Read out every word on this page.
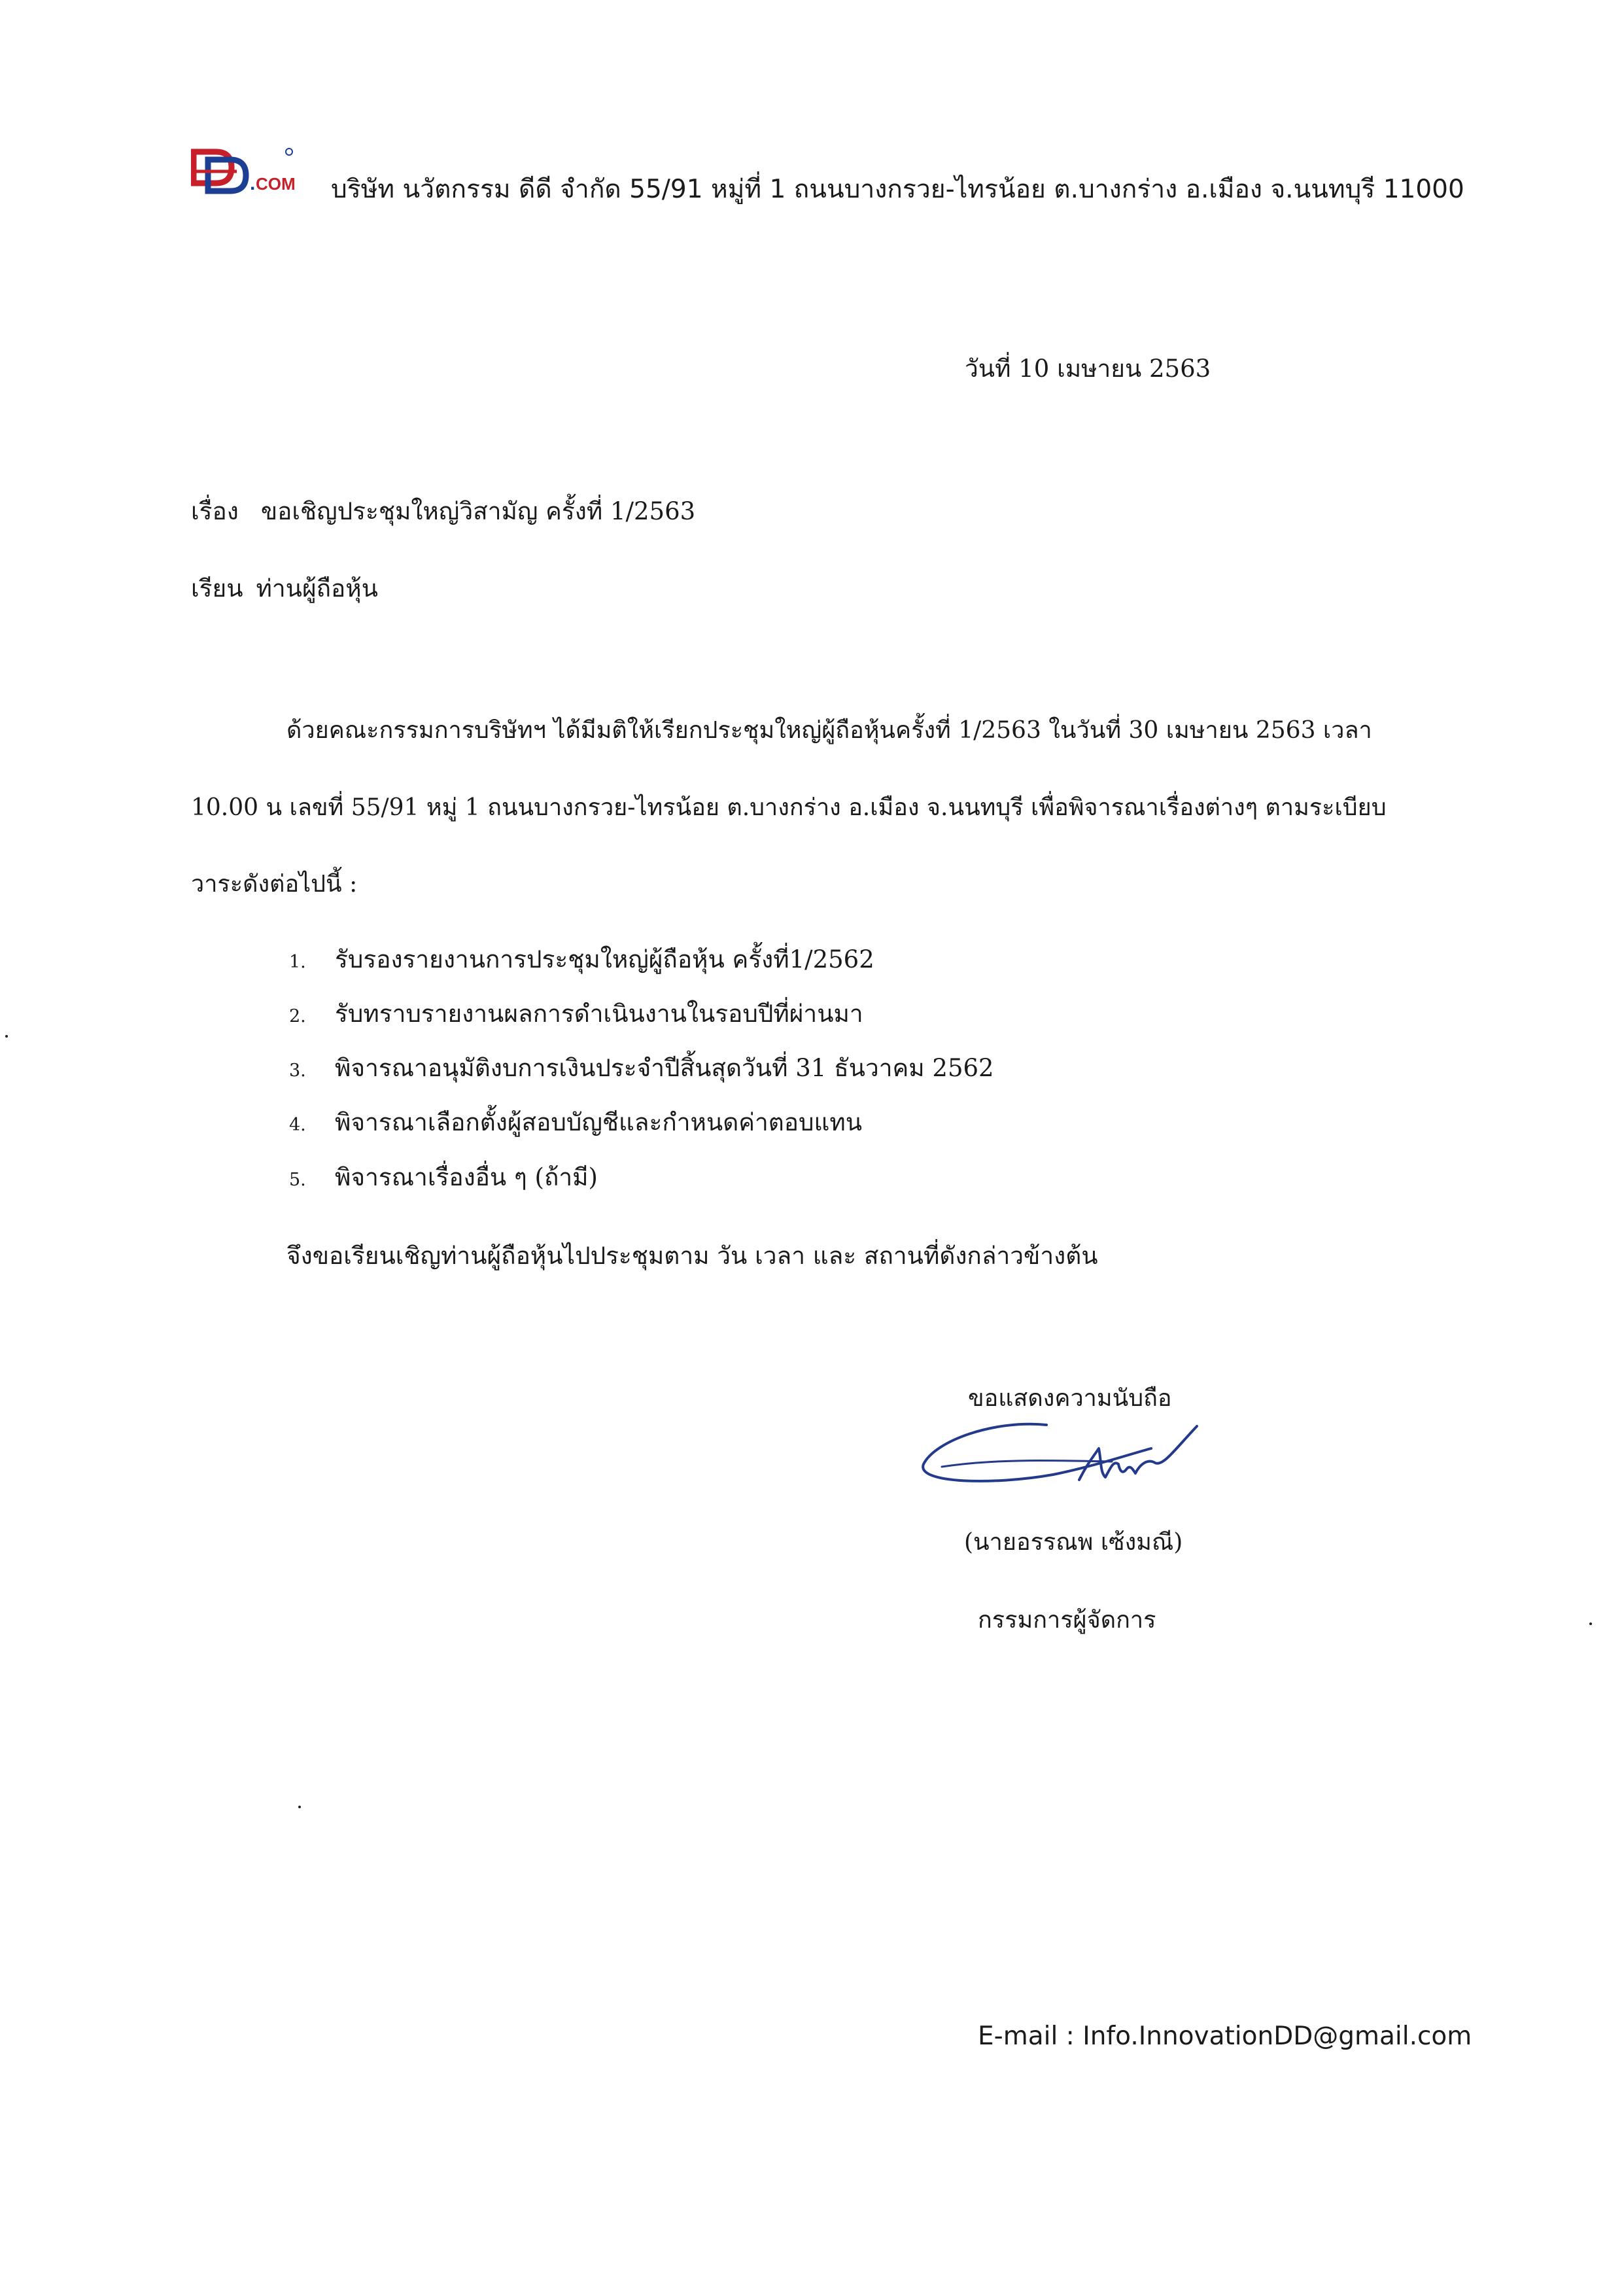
. COM บริษัท นวัตกรรม ดีดี จำกัด 55/91 หมู่ที่ 1 ถนนบางกรวย-ไทรน้อย ต.บางกร่าง อ.เมือง จ.นนทบุรี 11000
วันที่ 10 เมษายน 2563
เรื่อง ขอเชิญประชุมใหญ่วิสามัญ ครั้งที่ 1/2563
เรียน ท่านผู้ถือหุ้น
ด้วยคณะกรรมการบริษัทฯ ได้มีมติให้เรียกประชุมใหญ่ผู้ถือหุ้นครั้งที่ 1/2563 ในวันที่ 30 เมษายน 2563 เวลา
10.00 น เลขที่ 55/91 หมู่ 1 ถนนบางกรวย-ไทรน้อย ต.บางกร่าง อ.เมือง จ.นนทบุรี เพื่อพิจารณาเรื่องต่างๆ ตามระเบียบ
วาระดังต่อไปนี้ :
1. รับรองรายงานการประชุมใหญ่ผู้ถือหุ้น ครั้งที่1/2562
2. รับทราบรายงานผลการดำเนินงานในรอบปีที่ผ่านมา
3. พิจารณาอนุมัติงบการเงินประจำปีสิ้นสุดวันที่ 31 ธันวาคม 2562
4. พิจารณาเลือกตั้งผู้สอบบัญชีและกำหนดค่าตอบแทน
5. พิจารณาเรื่องอื่น ๆ (ถ้ามี)
จึงขอเรียนเชิญท่านผู้ถือหุ้นไปประชุมตาม วัน เวลา และ สถานที่ดังกล่าวข้างต้น
ขอแสดงความนับถือ
(นายอรรณพ เซ้งมณี)
กรรมการผู้จัดการ
E-mail : Info.InnovationDD@gmail.com
